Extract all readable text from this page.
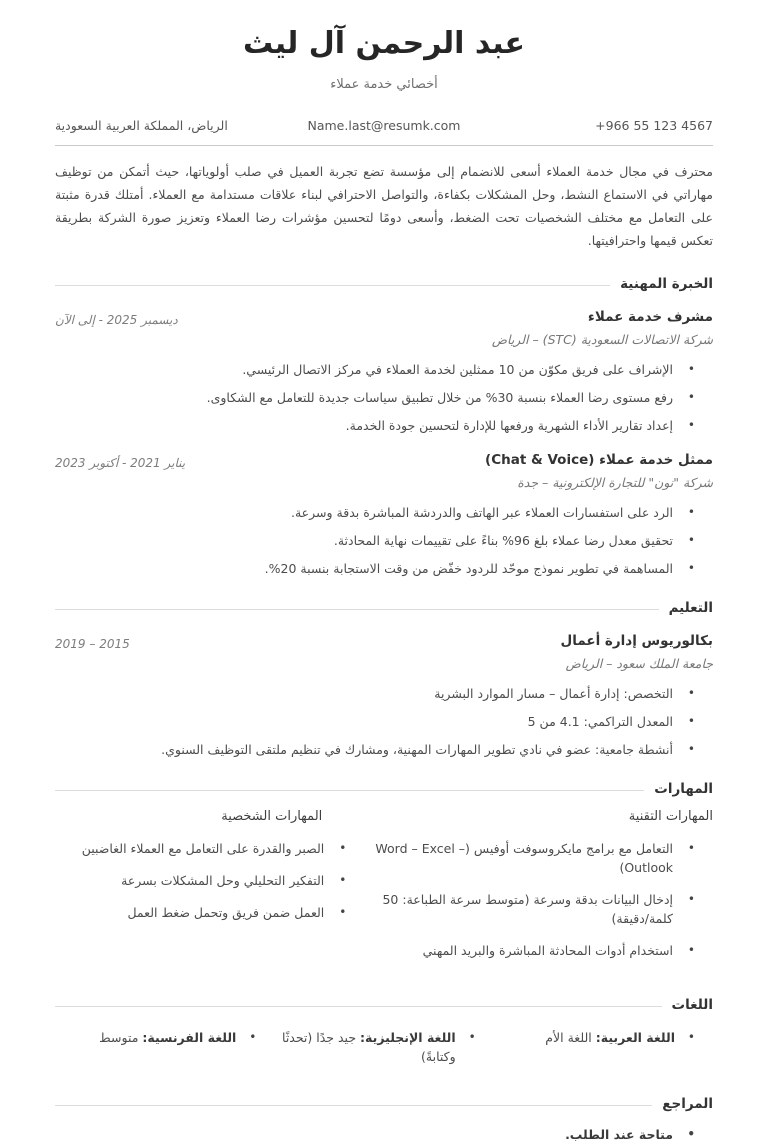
عبد الرحمن آل ليث
أخصائي خدمة عملاء
+966 55 123 4567
Name.last@resumk.com
الرياض، المملكة العربية السعودية
محترف في مجال خدمة العملاء أسعى للانضمام إلى مؤسسة تضع تجربة العميل في صلب أولوياتها، حيث أتمكن من توظيف مهاراتي في الاستماع النشط، وحل المشكلات بكفاءة، والتواصل الاحترافي لبناء علاقات مستدامة مع العملاء. أمتلك قدرة مثبتة على التعامل مع مختلف الشخصيات تحت الضغط، وأسعى دومًا لتحسين مؤشرات رضا العملاء وتعزيز صورة الشركة بطريقة تعكس قيمها واحترافيتها.
الخبرة المهنية
مشرف خدمة عملاء
ديسمبر 2025 - إلى الآن
شركة الاتصالات السعودية (STC) – الرياض
• الإشراف على فريق مكوّن من 10 ممثلين لخدمة العملاء في مركز الاتصال الرئيسي.
• رفع مستوى رضا العملاء بنسبة 30% من خلال تطبيق سياسات جديدة للتعامل مع الشكاوى.
• إعداد تقارير الأداء الشهرية ورفعها للإدارة لتحسين جودة الخدمة.
ممثل خدمة عملاء (Chat & Voice)
يناير 2021 - أكتوبر 2023
شركة "نون" للتجارة الإلكترونية – جدة
• الرد على استفسارات العملاء عبر الهاتف والدردشة المباشرة بدقة وسرعة.
• تحقيق معدل رضا عملاء بلغ 96% بناءً على تقييمات نهاية المحادثة.
• المساهمة في تطوير نموذج موحّد للردود خفّض من وقت الاستجابة بنسبة 20%.
التعليم
بكالوريوس إدارة أعمال
2015 – 2019
جامعة الملك سعود – الرياض
• التخصص: إدارة أعمال – مسار الموارد البشرية
• المعدل التراكمي: 4.1 من 5
• أنشطة جامعية: عضو في نادي تطوير المهارات المهنية، ومشارك في تنظيم ملتقى التوظيف السنوي.
المهارات
المهارات التقنية
• التعامل مع برامج مايكروسوفت أوفيس (Word – Excel – Outlook)
• إدخال البيانات بدقة وسرعة (متوسط سرعة الطباعة: 50 كلمة/دقيقة)
• استخدام أدوات المحادثة المباشرة والبريد المهني
المهارات الشخصية
• الصبر والقدرة على التعامل مع العملاء الغاضبين
• التفكير التحليلي وحل المشكلات بسرعة
• العمل ضمن فريق وتحمل ضغط العمل
اللغات
• اللغة العربية: اللغة الأم
• اللغة الإنجليزية: جيد جدًا (تحدثًا وكتابةً)
• اللغة الفرنسية: متوسط
المراجع
• متاحة عند الطلب.
